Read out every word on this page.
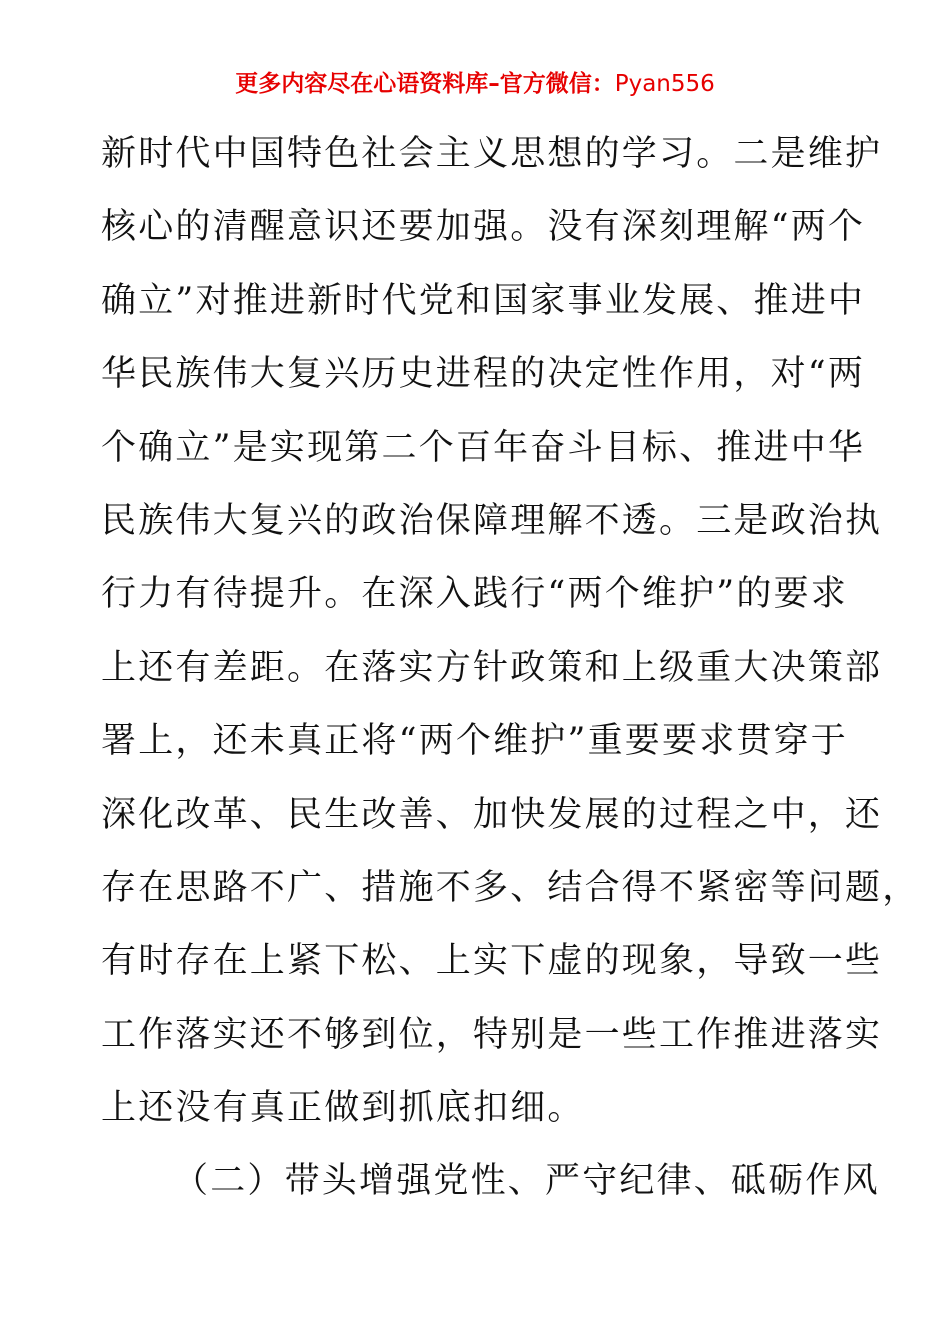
更多内容尽在心语资料库–官方微信：Pyan556
新时代中国特色社会主义思想的学习。二是维护
核心的清醒意识还要加强。没有深刻理解“两个
确立”对推进新时代党和国家事业发展、推进中
华民族伟大复兴历史进程的决定性作用，对“两
个确立”是实现第二个百年奋斗目标、推进中华
民族伟大复兴的政治保障理解不透。三是政治执
行力有待提升。在深入践行“两个维护”的要求
上还有差距。在落实方针政策和上级重大决策部
署上，还未真正将“两个维护”重要要求贯穿于
深化改革、民生改善、加快发展的过程之中，还
存在思路不广、措施不多、结合得不紧密等问题，
有时存在上紧下松、上实下虚的现象，导致一些
工作落实还不够到位，特别是一些工作推进落实
上还没有真正做到抓底扣细。
（二）带头增强党性、严守纪律、砥砺作风
